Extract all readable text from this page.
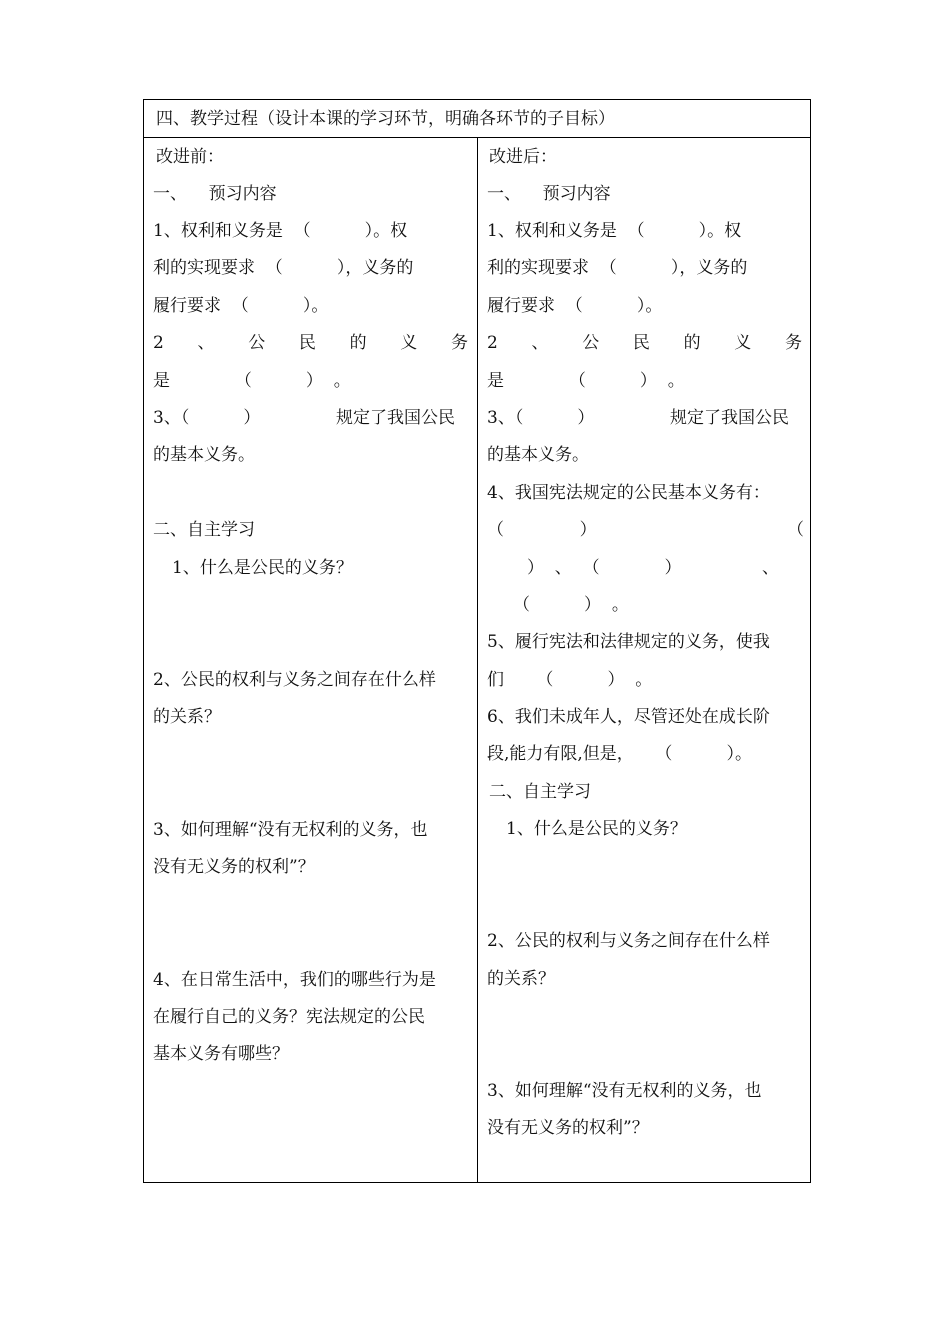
四、教学过程（设计本课的学习环节，明确各环节的子目标）
改进前：
一、    预习内容
1、权利和义务是  （          ）。权
利的实现要求  （          ），义务的
履行要求  （          ）。
2 、 公 民 的 义 务
是            （          ）  。
3、（          ）	规定了我国公民
的基本义务。
二、自主学习
1、什么是公民的义务？
2、公民的权利与义务之间存在什么样
的关系？
3、如何理解“没有无权利的义务，也
没有无义务的权利”？
4、在日常生活中，我们的哪些行为是
在履行自己的义务？宪法规定的公民
基本义务有哪些？
改进后：
一、    预习内容
1、权利和义务是  （          ）。权
利的实现要求  （          ），义务的
履行要求  （          ）。
2 、 公 民 的 义 务
是            （          ）  。
3、（          ）	规定了我国公民
的基本义务。
4、我国宪法规定的公民基本义务有：
（              ）	（
）  、  （            ）	、
（          ）  。
5、履行宪法和法律规定的义务，使我
们      （          ）  。
6、我们未成年人，尽管还处在成长阶
段,能力有限,但是，    （          ）。
二、自主学习
1、什么是公民的义务？
2、公民的权利与义务之间存在什么样
的关系？
3、如何理解“没有无权利的义务，也
没有无义务的权利”？
